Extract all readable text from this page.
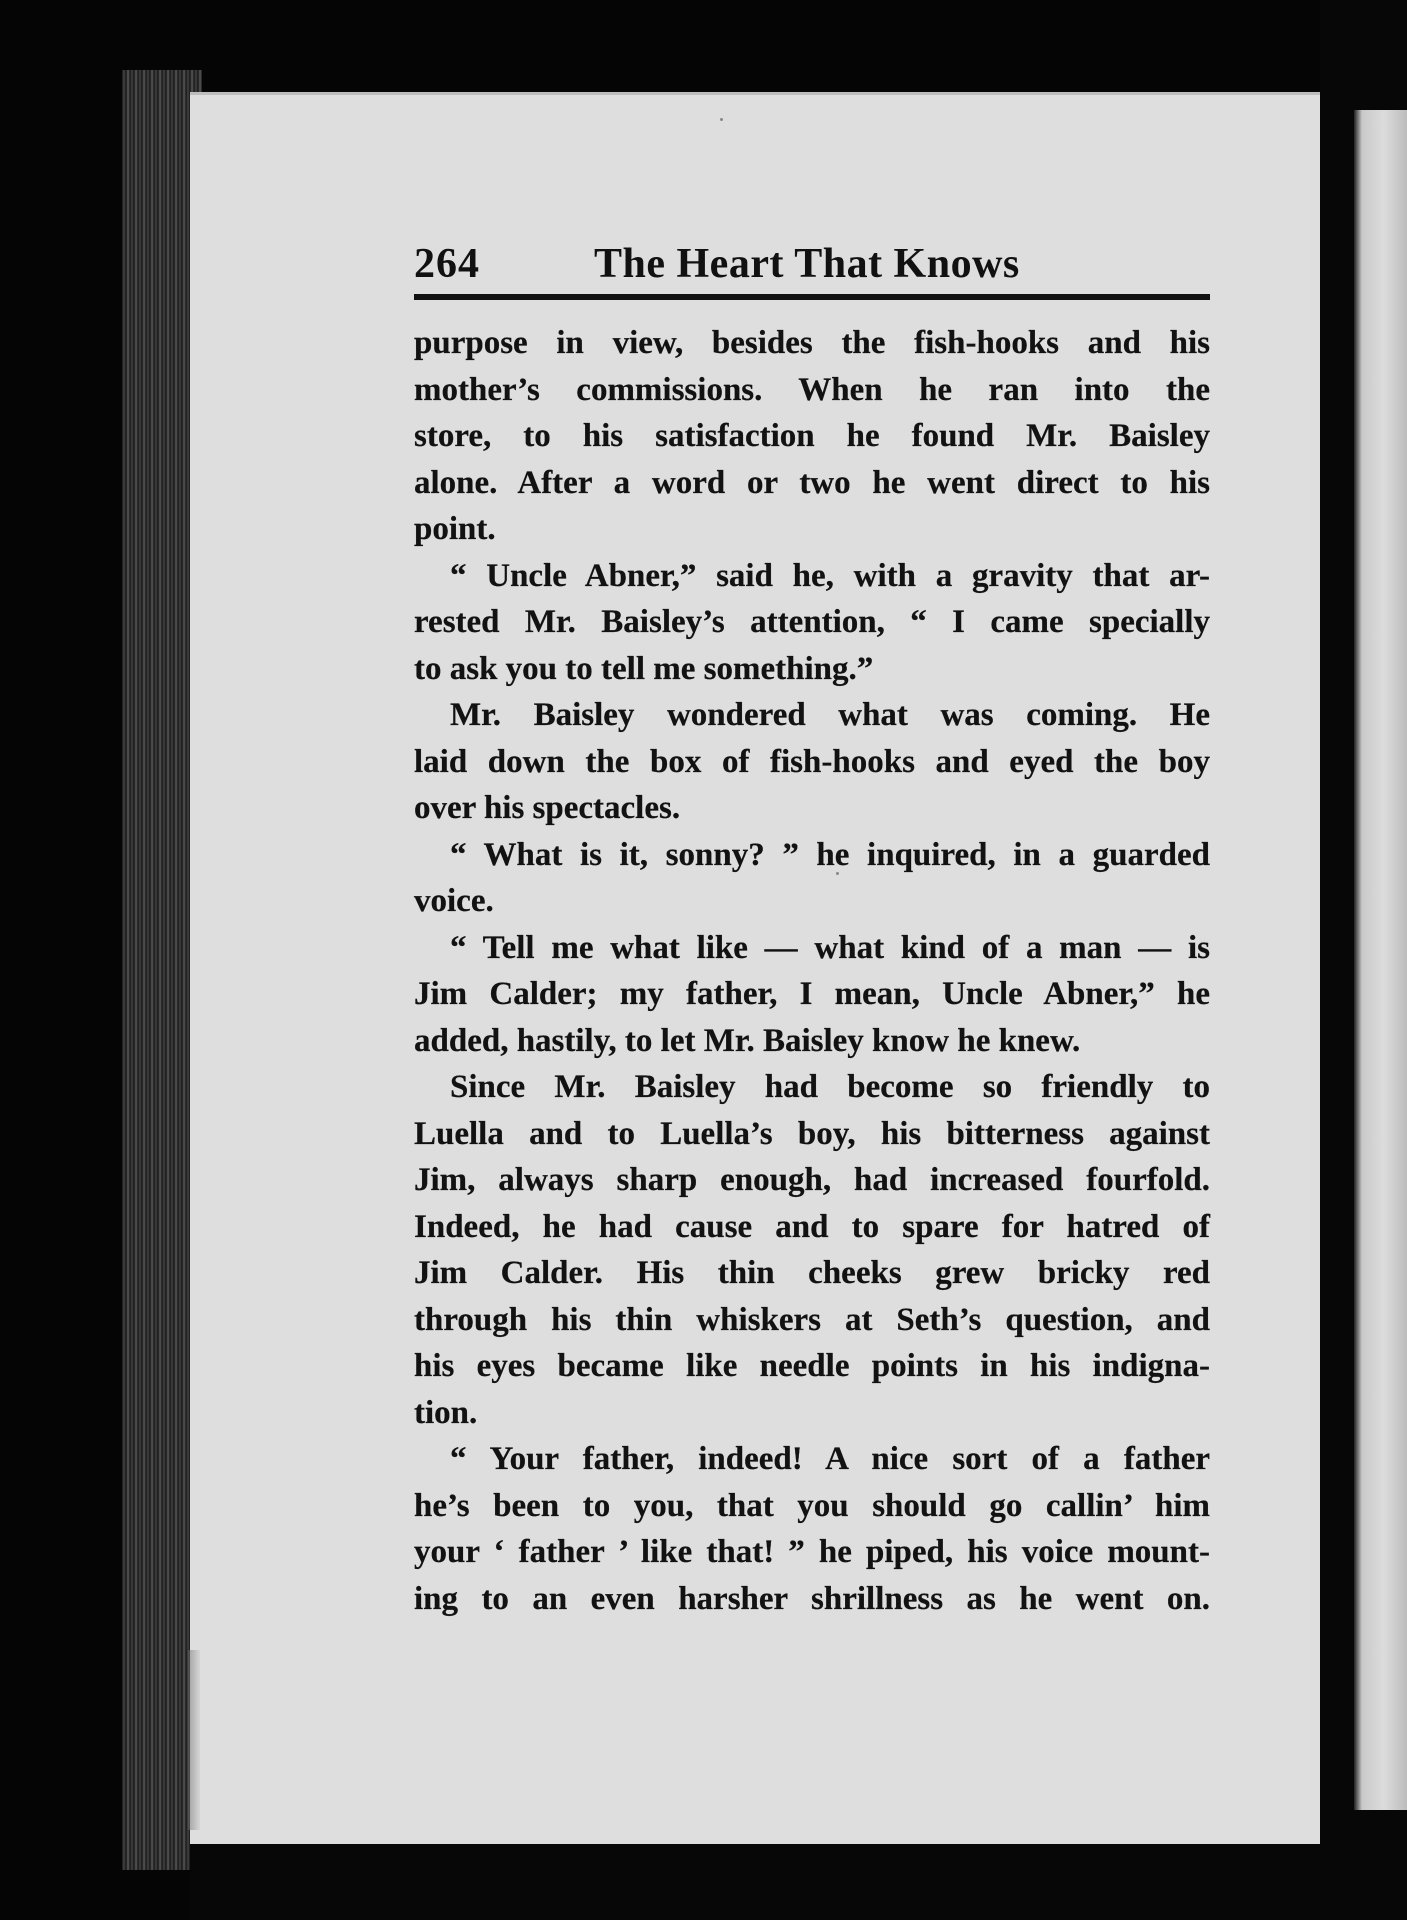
264	The Heart That Knows
purpose in view, besides the fish-hooks and his
mother’s commissions. When he ran into the
store, to his satisfaction he found Mr. Baisley
alone. After a word or two he went direct to his
point.
“ Uncle Abner,” said he, with a gravity that ar-
rested Mr. Baisley’s attention, “ I came specially
to ask you to tell me something.”
Mr. Baisley wondered what was coming. He
laid down the box of fish-hooks and eyed the boy
over his spectacles.
“ What is it, sonny? ” he inquired, in a guarded
voice.
“ Tell me what like — what kind of a man — is
Jim Calder; my father, I mean, Uncle Abner,” he
added, hastily, to let Mr. Baisley know he knew.
Since Mr. Baisley had become so friendly to
Luella and to Luella’s boy, his bitterness against
Jim, always sharp enough, had increased fourfold.
Indeed, he had cause and to spare for hatred of
Jim Calder. His thin cheeks grew bricky red
through his thin whiskers at Seth’s question, and
his eyes became like needle points in his indigna-
tion.
“ Your father, indeed! A nice sort of a father
he’s been to you, that you should go callin’ him
your ‘ father ’ like that! ” he piped, his voice mount-
ing to an even harsher shrillness as he went on.
